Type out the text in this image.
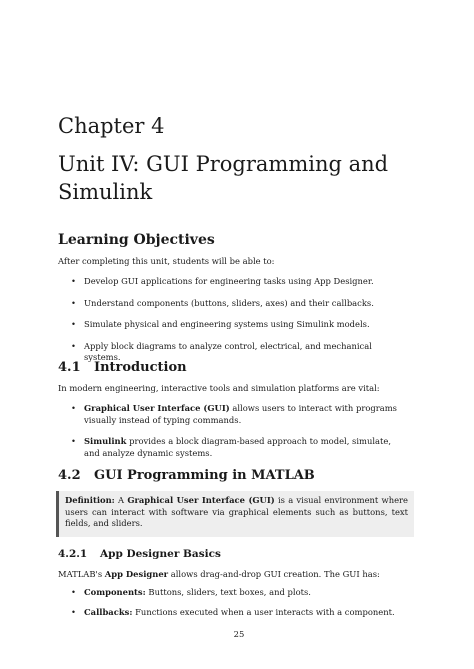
Chapter 4
Unit IV: GUI Programming and Simulink
Learning Objectives

After completing this unit, students will be able to:

• Develop GUI applications for engineering tasks using App Designer.
• Understand components (buttons, sliders, axes) and their callbacks.
• Simulate physical and engineering systems using Simulink models.
• Apply block diagrams to analyze control, electrical, and mechanical systems.
4.1 Introduction

In modern engineering, interactive tools and simulation platforms are vital:

• Graphical User Interface (GUI) allows users to interact with programs visually instead of typing commands.
• Simulink provides a block diagram-based approach to model, simulate, and analyze dynamic systems.
4.2 GUI Programming in MATLAB
Definition: A Graphical User Interface (GUI) is a visual environment where users can interact with software via graphical elements such as buttons, text fields, and sliders.
4.2.1 App Designer Basics

MATLAB's App Designer allows drag-and-drop GUI creation. The GUI has:

• Components: Buttons, sliders, text boxes, and plots.
• Callbacks: Functions executed when a user interacts with a component.
25
